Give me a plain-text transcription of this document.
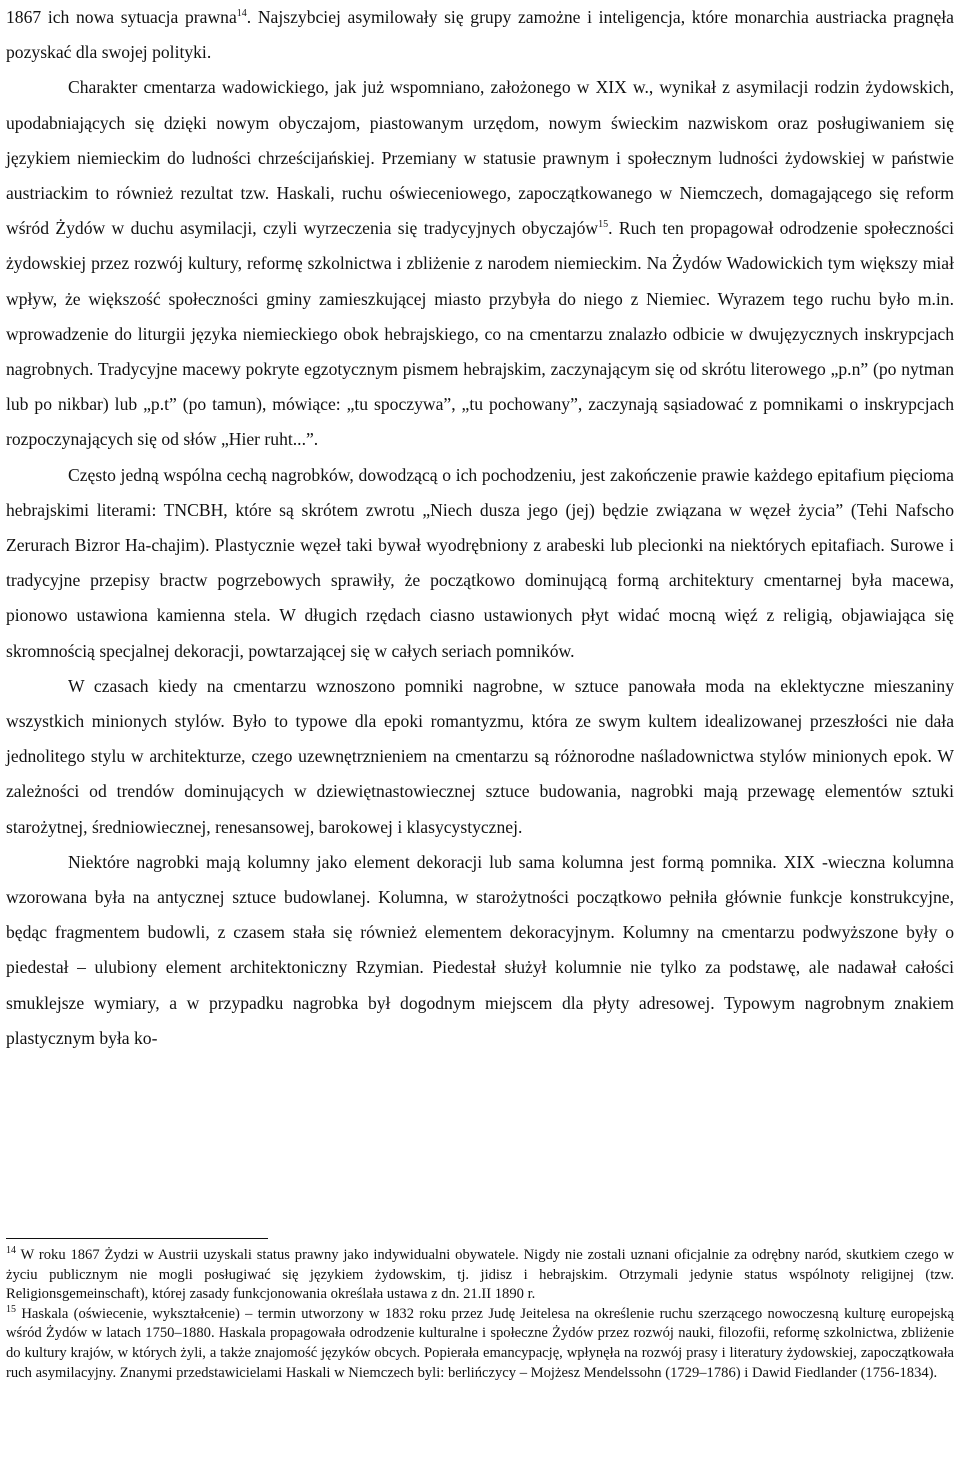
1867 ich nowa sytuacja prawna$^{14}$. Najszybciej asymilowały się grupy zamożne i inteligencja, które monarchia austriacka pragnęła pozyskać dla swojej polityki.

Charakter cmentarza wadowickiego, jak już wspomniano, założonego w XIX w., wynikał z asymilacji rodzin żydowskich, upodabniających się dzięki nowym obyczajom, piastowanym urzędom, nowym świeckim nazwiskom oraz posługiwaniem się językiem niemieckim do ludności chrześcijańskiej. Przemiany w statusie prawnym i społecznym ludności żydowskiej w państwie austriackim to również rezultat tzw. Haskali, ruchu oświeceniowego, zapoczątkowanego w Niemczech, domagającego się reform wśród Żydów w duchu asymilacji, czyli wyrzeczenia się tradycyjnych obyczajów$^{15}$. Ruch ten propagował odrodzenie społeczności żydowskiej przez rozwój kultury, reformę szkolnictwa i zbliżenie z narodem niemieckim. Na Żydów Wadowickich tym większy miał wpływ, że większość społeczności gminy zamieszkującej miasto przybyła do niego z Niemiec. Wyrazem tego ruchu było m.in. wprowadzenie do liturgii języka niemieckiego obok hebrajskiego, co na cmentarzu znalazło odbicie w dwujęzycznych inskrypcjach nagrobnych. Tradycyjne macewy pokryte egzotycznym pismem hebrajskim, zaczynającym się od skrótu literowego „p.n” (po nytman lub po nikbar) lub „p.t” (po tamun), mówiące: „tu spoczywa”, „tu pochowany”, zaczynają sąsiadować z pomnikami o inskrypcjach rozpoczynających się od słów „Hier ruht...”.

Często jedną wspólna cechą nagrobków, dowodzącą o ich pochodzeniu, jest zakończenie prawie każdego epitafium pięcioma hebrajskimi literami: TNCBH, które są skrótem zwrotu „Niech dusza jego (jej) będzie związana w węzeł życia” (Tehi Nafscho Zerurach Bizror Ha-chajim). Plastycznie węzeł taki bywał wyodrębniony z arabeski lub plecionki na niektórych epitafiach. Surowe i tradycyjne przepisy bractw pogrzebowych sprawiły, że początkowo dominującą formą architektury cmentarnej była macewa, pionowo ustawiona kamienna stela. W długich rzędach ciasno ustawionych płyt widać mocną więź z religią, objawiająca się skromnością specjalnej dekoracji, powtarzającej się w całych seriach pomników.

W czasach kiedy na cmentarzu wznoszono pomniki nagrobne, w sztuce panowała moda na eklektyczne mieszaniny wszystkich minionych stylów. Było to typowe dla epoki romantyzmu, która ze swym kultem idealizowanej przeszłości nie dała jednolitego stylu w architekturze, czego uzewnętrznieniem na cmentarzu są różnorodne naśladownictwa stylów minionych epok. W zależności od trendów dominujących w dziewiętnastowiecznej sztuce budowania, nagrobki mają przewagę elementów sztuki starożytnej, średniowiecznej, renesansowej, barokowej i klasycystycznej.

Niektóre nagrobki mają kolumny jako element dekoracji lub sama kolumna jest formą pomnika. XIX -wieczna kolumna wzorowana była na antycznej sztuce budowlanej. Kolumna, w starożytności początkowo pełniła głównie funkcje konstrukcyjne, będąc fragmentem budowli, z czasem stała się również elementem dekoracyjnym. Kolumny na cmentarzu podwyższone były o piedestał – ulubiony element architektoniczny Rzymian. Piedestał służył kolumnie nie tylko za podstawę, ale nadawał całości smuklejsze wymiary, a w przypadku nagrobka był dogodnym miejscem dla płyty adresowej. Typowym nagrobnym znakiem plastycznym była ko-

$^{14}$ W roku 1867 Żydzi w Austrii uzyskali status prawny jako indywidualni obywatele. Nigdy nie zostali uznani oficjalnie za odrębny naród, skutkiem czego w życiu publicznym nie mogli posługiwać się językiem żydowskim, tj. jidisz i hebrajskim. Otrzymali jedynie status wspólnoty religijnej (tzw. Religionsgemeinschaft), której zasady funkcjonowania określała ustawa z dn. 21.II 1890 r.

$^{15}$ Haskala (oświecenie, wykształcenie) – termin utworzony w 1832 roku przez Judę Jeitelesa na określenie ruchu szerzącego nowoczesną kulturę europejską wśród Żydów w latach 1750–1880. Haskala propagowała odrodzenie kulturalne i społeczne Żydów przez rozwój nauki, filozofii, reformę szkolnictwa, zbliżenie do kultury krajów, w których żyli, a także znajomość języków obcych. Popierała emancypację, wpłynęła na rozwój prasy i literatury żydowskiej, zapoczątkowała ruch asymilacyjny. Znanymi przedstawicielami Haskali w Niemczech byli: berlińczycy – Mojżesz Mendelssohn (1729–1786) i Dawid Fiedlander (1756-1834).
